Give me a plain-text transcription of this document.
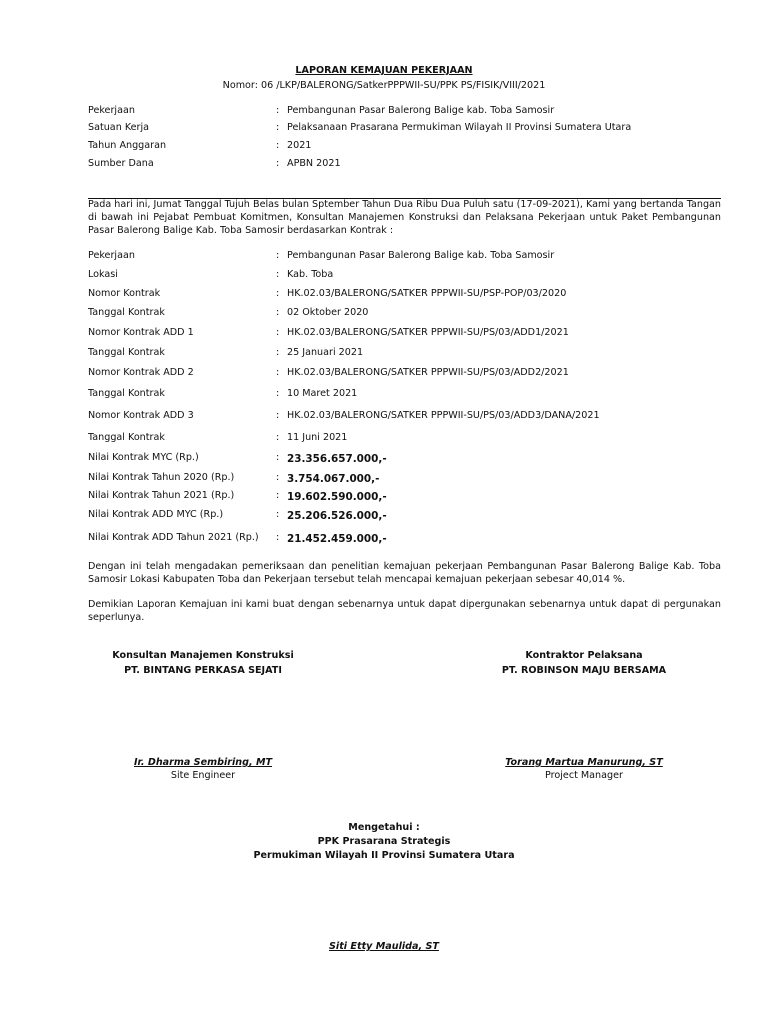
LAPORAN KEMAJUAN PEKERJAAN
Nomor: 06 /LKP/BALERONG/SatkerPPPWII-SU/PPK PS/FISIK/VIII/2021
Pekerjaan	: Pembangunan Pasar Balerong Balige kab. Toba Samosir
Satuan Kerja	: Pelaksanaan Prasarana Permukiman Wilayah II Provinsi Sumatera Utara
Tahun Anggaran	: 2021
Sumber Dana	: APBN 2021
Pada hari ini, Jumat Tanggal Tujuh Belas bulan Sptember Tahun Dua Ribu Dua Puluh satu (17-09-2021), Kami yang bertanda Tangan di bawah ini Pejabat Pembuat Komitmen, Konsultan Manajemen Konstruksi dan Pelaksana Pekerjaan untuk Paket Pembangunan Pasar Balerong Balige Kab. Toba Samosir berdasarkan Kontrak :
Pekerjaan	: Pembangunan Pasar Balerong Balige kab. Toba Samosir
Lokasi	: Kab. Toba
Nomor Kontrak	: HK.02.03/BALERONG/SATKER PPPWII-SU/PSP-POP/03/2020
Tanggal Kontrak	: 02 Oktober 2020
Nomor Kontrak ADD 1	: HK.02.03/BALERONG/SATKER PPPWII-SU/PS/03/ADD1/2021
Tanggal Kontrak	: 25 Januari 2021
Nomor Kontrak ADD 2	: HK.02.03/BALERONG/SATKER PPPWII-SU/PS/03/ADD2/2021
Tanggal Kontrak	: 10 Maret 2021
Nomor Kontrak ADD 3	: HK.02.03/BALERONG/SATKER PPPWII-SU/PS/03/ADD3/DANA/2021
Tanggal Kontrak	: 11 Juni 2021
Nilai Kontrak MYC (Rp.)	: 23.356.657.000,-
Nilai Kontrak Tahun 2020 (Rp.)	: 3.754.067.000,-
Nilai Kontrak Tahun 2021 (Rp.)	: 19.602.590.000,-
Nilai Kontrak ADD MYC (Rp.)	: 25.206.526.000,-
Nilai Kontrak ADD Tahun 2021 (Rp.) : 21.452.459.000,-
Dengan ini telah mengadakan pemeriksaan dan penelitian kemajuan pekerjaan Pembangunan Pasar Balerong Balige Kab. Toba Samosir Lokasi Kabupaten Toba dan Pekerjaan tersebut telah mencapai kemajuan pekerjaan sebesar 40,014 %.
Demikian Laporan Kemajuan ini kami buat dengan sebenarnya untuk dapat dipergunakan sebenarnya untuk dapat di pergunakan seperlunya.
Konsultan Manajemen Konstruksi
PT. BINTANG PERKASA SEJATI
Ir. Dharma Sembiring, MT
Site Engineer
Kontraktor Pelaksana
PT. ROBINSON MAJU BERSAMA
Torang Martua Manurung, ST
Project Manager
Mengetahui :
PPK Prasarana Strategis
Permukiman Wilayah II Provinsi Sumatera Utara
Siti Etty Maulida, ST
